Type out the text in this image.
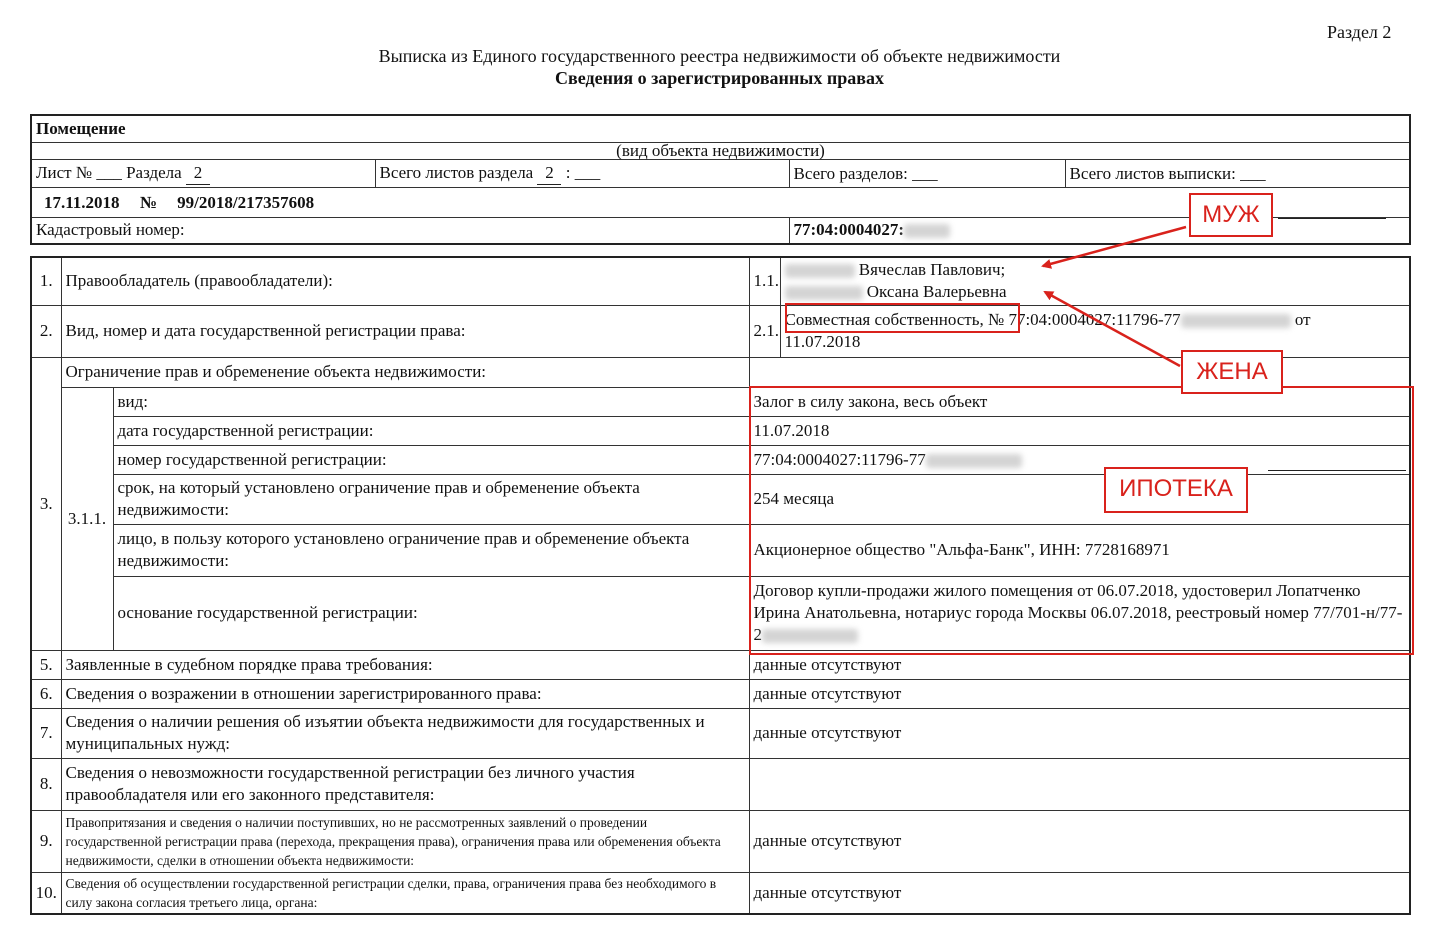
Раздел 2
Выписка из Единого государственного реестра недвижимости об объекте недвижимости
Сведения о зарегистрированных правах
Помещение
(вид объекта недвижимости)
Лист № ___ Раздела 2	Всего листов раздела 2 : ___	Всего разделов: ___	Всего листов выписки: ___
17.11.2018 № 99/2018/217357608
Кадастровый номер:	77:04:0004027:
1.	Правообладатель (правообладатели):	1.1.	
Вячеслав Павлович;
Оксана Валерьевна

2.	Вид, номер и дата государственной регистрации права:	2.1.	Совместная собственность, № 77:04:0004027:11796-77	от
11.07.2018
3.	Ограничение прав и обременение объекта недвижимости:	
3.1.1.	вид:	Залог в силу закона, весь объект
дата государственной регистрации:	11.07.2018
номер государственной регистрации:	77:04:0004027:11796-77
срок, на который установлено ограничение прав и обременение объекта недвижимости:	254 месяца
лицо, в пользу которого установлено ограничение прав и обременение объекта недвижимости:	Акционерное общество "Альфа-Банк", ИНН: 7728168971
основание государственной регистрации:	Договор купли-продажи жилого помещения от 06.07.2018, удостоверил Лопатченко Ирина Анатольевна, нотариус города Москвы 06.07.2018, реестровый номер 77/701-н/77-2
5.	Заявленные в судебном порядке права требования:	данные отсутствуют
6.	Сведения о возражении в отношении зарегистрированного права:	данные отсутствуют
7.	Сведения о наличии решения об изъятии объекта недвижимости для государственных и муниципальных нужд:	данные отсутствуют
8.	Сведения о невозможности государственной регистрации без личного участия правообладателя или его законного представителя:	
9.	Правопритязания и сведения о наличии поступивших, но не рассмотренных заявлений о проведении государственной регистрации права (перехода, прекращения права), ограничения права или обременения объекта недвижимости, сделки в отношении объекта недвижимости:	данные отсутствуют
10.	Сведения об осуществлении государственной регистрации сделки, права, ограничения права без необходимого в силу закона согласия третьего лица, органа:	данные отсутствуют
МУЖ
ЖЕНА
ИПОТЕКА
